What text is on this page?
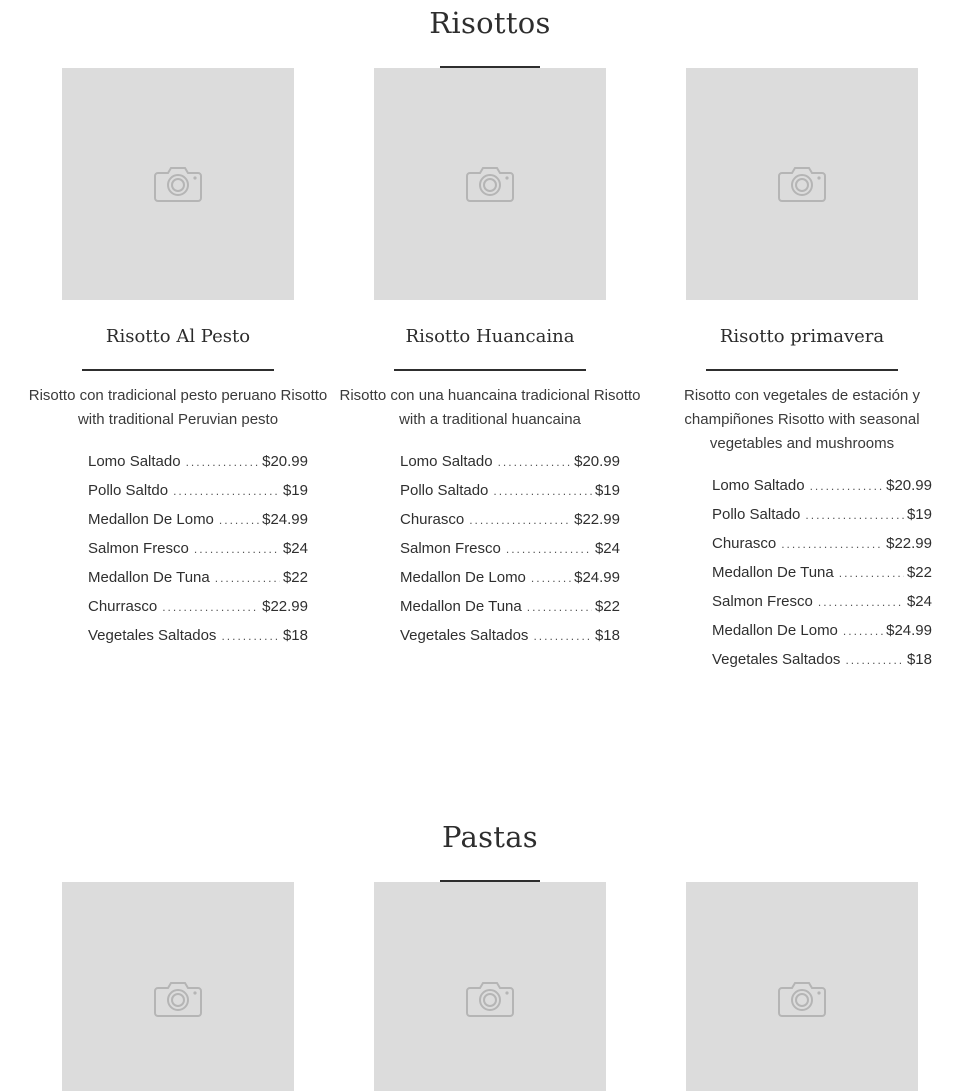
Risottos
Risotto Al Pesto
Risotto con tradicional pesto peruano Risotto with traditional Peruvian pesto
Lomo Saltado .....	$20.99
Pollo Saltdo .....	$19
Medallon De Lomo .....	$24.99
Salmon Fresco .....	$24
Medallon De Tuna .....	$22
Churrasco .....	$22.99
Vegetales Saltados .....	$18
Risotto Huancaina
Risotto con una huancaina tradicional Risotto with a traditional huancaina
Lomo Saltado .....	$20.99
Pollo Saltado .....	$19
Churasco .....	$22.99
Salmon Fresco .....	$24
Medallon De Lomo .....	$24.99
Medallon De Tuna .....	$22
Vegetales Saltados .....	$18
Risotto primavera
Risotto con vegetales de estación y champiñones Risotto with seasonal vegetables and mushrooms
Lomo Saltado .....	$20.99
Pollo Saltado .....	$19
Churasco .....	$22.99
Medallon De Tuna .....	$22
Salmon Fresco .....	$24
Medallon De Lomo .....	$24.99
Vegetales Saltados .....	$18
Pastas
